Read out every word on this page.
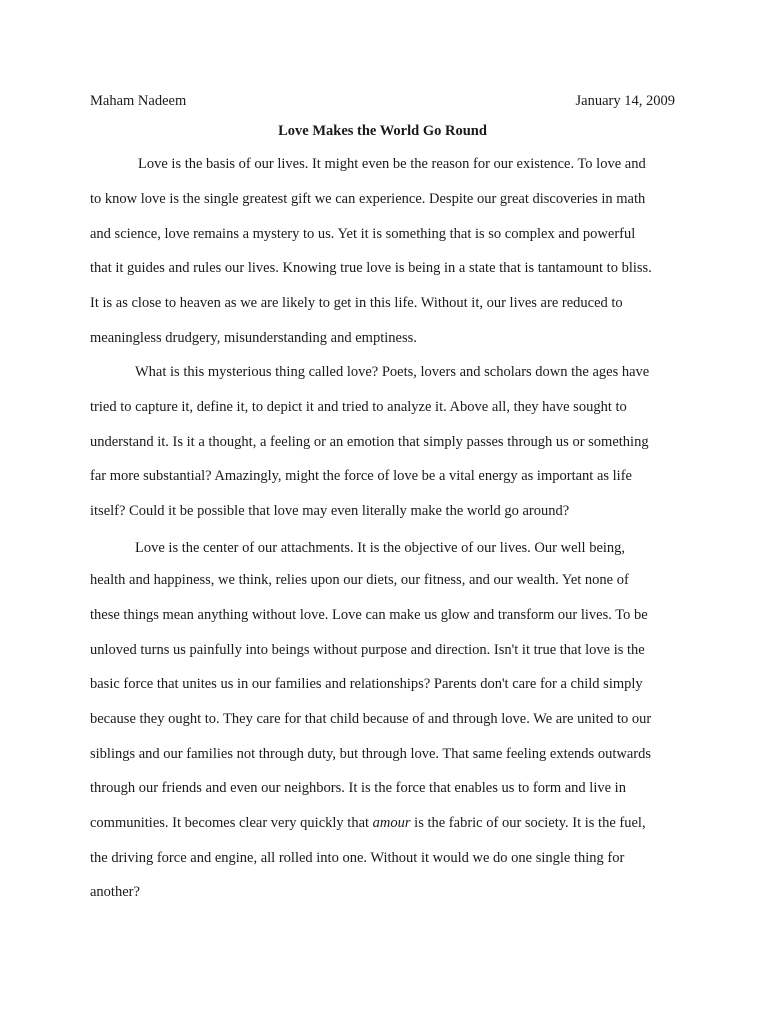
Maham Nadeem	January 14, 2009
Love Makes the World Go Round
Love is the basis of our lives. It might even be the reason for our existence. To love and
to know love is the single greatest gift we can experience. Despite our great discoveries in math
and science, love remains a mystery to us. Yet it is something that is so complex and powerful
that it guides and rules our lives. Knowing true love is being in a state that is tantamount to bliss.
It is as close to heaven as we are likely to get in this life. Without it, our lives are reduced to
meaningless drudgery, misunderstanding and emptiness.
What is this mysterious thing called love? Poets, lovers and scholars down the ages have
tried to capture it, define it, to depict it and tried to analyze it. Above all, they have sought to
understand it. Is it a thought, a feeling or an emotion that simply passes through us or something
far more substantial? Amazingly, might the force of love be a vital energy as important as life
itself? Could it be possible that love may even literally make the world go around?
Love is the center of our attachments. It is the objective of our lives. Our well being,
health and happiness, we think, relies upon our diets, our fitness, and our wealth. Yet none of
these things mean anything without love. Love can make us glow and transform our lives. To be
unloved turns us painfully into beings without purpose and direction. Isn't it true that love is the
basic force that unites us in our families and relationships? Parents don't care for a child simply
because they ought to. They care for that child because of and through love. We are united to our
siblings and our families not through duty, but through love. That same feeling extends outwards
through our friends and even our neighbors. It is the force that enables us to form and live in
communities. It becomes clear very quickly that amour is the fabric of our society. It is the fuel,
the driving force and engine, all rolled into one. Without it would we do one single thing for
another?
